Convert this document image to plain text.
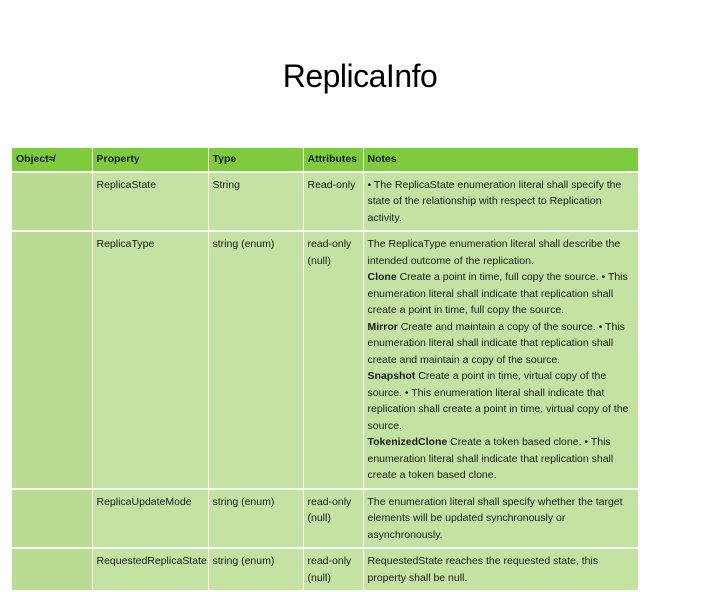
ReplicaInfo
Object≉	Property	Type	Attributes	Notes
	ReplicaState	String	Read-only	• The ReplicaState enumeration literal shall specify the state of the relationship with respect to Replication activity.

	ReplicaType	string (enum)	read-only (null)	The ReplicaType enumeration literal shall describe the intended outcome of the replication.
Clone Create a point in time, full copy the source. • This enumeration literal shall indicate that replication shall create a point in time, full copy the source.
Mirror Create and maintain a copy of the source. • This enumeration literal shall indicate that replication shall create and maintain a copy of the source.
Snapshot Create a point in time, virtual copy of the source. • This enumeration literal shall indicate that replication shall create a point in time, virtual copy of the source.
TokenizedClone Create a token based clone. • This enumeration literal shall indicate that replication shall create a token based clone.

	ReplicaUpdateMode	string (enum)	read-only (null)	The enumeration literal shall specify whether the target elements will be updated synchronously or asynchronously.

	RequestedReplicaState	string (enum)	read-only (null)	RequestedState reaches the requested state, this property shall be null.
